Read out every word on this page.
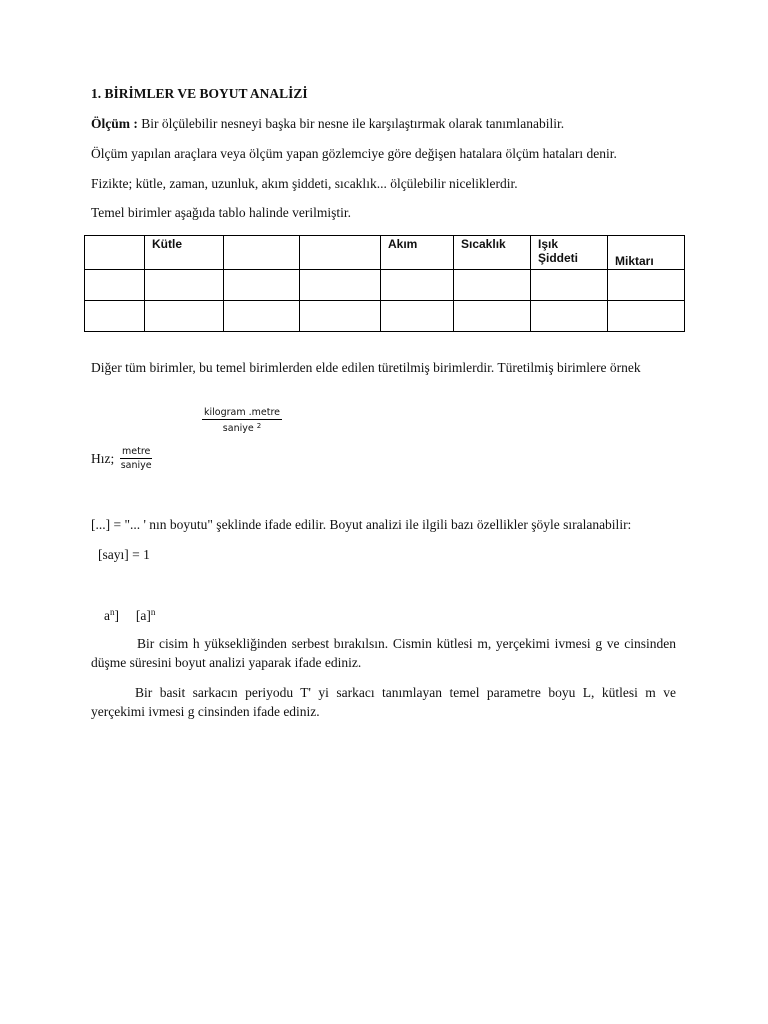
1. BİRİMLER VE BOYUT ANALİZİ
Ölçüm : Bir ölçülebilir nesneyi başka bir nesne ile karşılaştırmak olarak tanımlanabilir.
Ölçüm yapılan araçlara veya ölçüm yapan gözlemciye göre değişen hatalara ölçüm hataları denir.
Fizikte; kütle, zaman, uzunluk, akım şiddeti, sıcaklık... ölçülebilir niceliklerdir.
Temel birimler aşağıda tablo halinde verilmiştir.
	Kütle			Akım	Sıcaklık	Işık Şiddeti	Miktarı

Diğer tüm birimler, bu temel birimlerden elde edilen türetilmiş birimlerdir. Türetilmiş birimlere örnek
kilogram .metre
saniye $^2$
Hız; metre
saniye
[...] = "... ' nın boyutu" şeklinde ifade edilir. Boyut analizi ile ilgili bazı özellikler şöyle sıralanabilir:
[sayı] = 1
$a^n$] $[a]^n$
Bir cisim h yüksekliğinden serbest bırakılsın. Cismin kütlesi m, yerçekimi ivmesi g ve cinsinden düşme süresini boyut analizi yaparak ifade ediniz.
Bir basit sarkacın periyodu T' yi sarkacı tanımlayan temel parametre boyu L, kütlesi m ve yerçekimi ivmesi g cinsinden ifade ediniz.
